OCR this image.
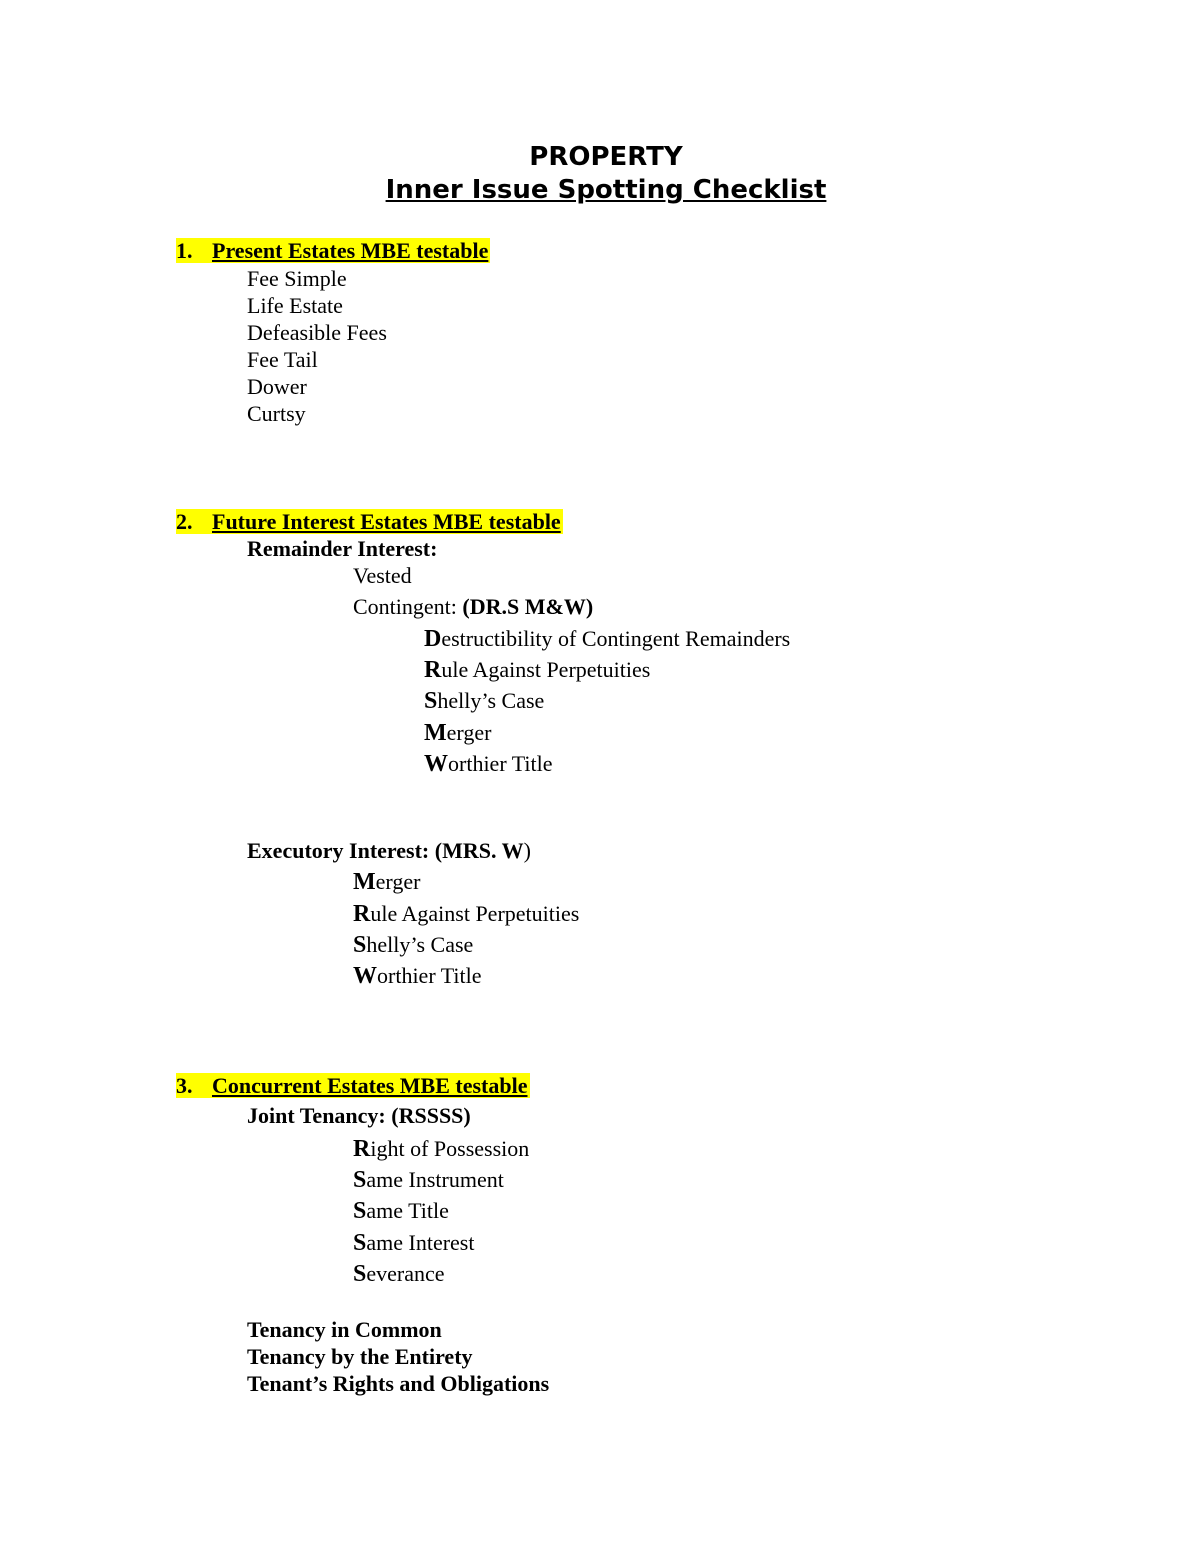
PROPERTY
Inner Issue Spotting Checklist
1. Present Estates MBE testable
Fee Simple
Life Estate
Defeasible Fees
Fee Tail
Dower
Curtsy
2. Future Interest Estates MBE testable
Remainder Interest:
Vested
Contingent: (DR.S M&W)
Destructibility of Contingent Remainders
Rule Against Perpetuities
Shelly’s Case
Merger
Worthier Title
Executory Interest: (MRS. W)
Merger
Rule Against Perpetuities
Shelly’s Case
Worthier Title
3. Concurrent Estates MBE testable
Joint Tenancy: (RSSSS)
Right of Possession
Same Instrument
Same Title
Same Interest
Severance
Tenancy in Common
Tenancy by the Entirety
Tenant’s Rights and Obligations
